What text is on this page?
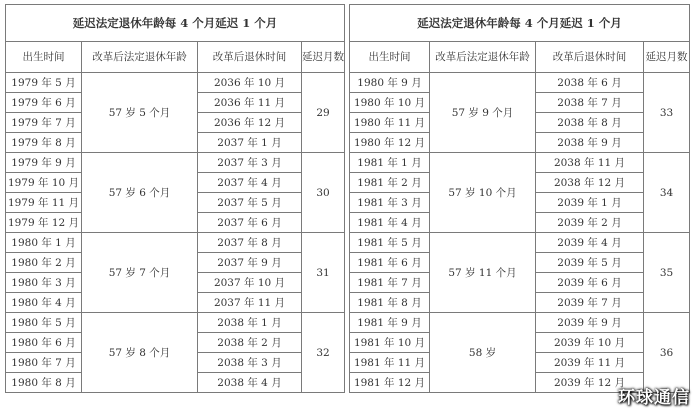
延迟法定退休年龄每 4 个月延迟 1 个月			
出生时间	改革后法定退休年龄	改革后退休时间	延迟月数
1979 年 5 月	57 岁 5 个月	2036 年 10 月	29
1979 年 6 月		2036 年 11 月	
1979 年 7 月		2036 年 12 月	
1979 年 8 月		2037 年 1 月	
1979 年 9 月	57 岁 6 个月	2037 年 3 月	30
1979 年 10 月		2037 年 4 月	
1979 年 11 月		2037 年 5 月	
1979 年 12 月		2037 年 6 月	
1980 年 1 月	57 岁 7 个月	2037 年 8 月	31
1980 年 2 月		2037 年 9 月	
1980 年 3 月		2037 年 10 月	
1980 年 4 月		2037 年 11 月	
1980 年 5 月	57 岁 8 个月	2038 年 1 月	32
1980 年 6 月		2038 年 2 月	
1980 年 7 月		2038 年 3 月	
1980 年 8 月		2038 年 4 月	
延迟法定退休年龄每 4 个月延迟 1 个月			
出生时间	改革后法定退休年龄	改革后退休时间	延迟月数
1980 年 9 月	57 岁 9 个月	2038 年 6 月	33
1980 年 10 月		2038 年 7 月	
1980 年 11 月		2038 年 8 月	
1980 年 12 月		2038 年 9 月	
1981 年 1 月	57 岁 10 个月	2038 年 11 月	34
1981 年 2 月		2038 年 12 月	
1981 年 3 月		2039 年 1 月	
1981 年 4 月		2039 年 2 月	
1981 年 5 月	57 岁 11 个月	2039 年 4 月	35
1981 年 6 月		2039 年 5 月	
1981 年 7 月		2039 年 6 月	
1981 年 8 月		2039 年 7 月	
1981 年 9 月	58 岁	2039 年 9 月	36
1981 年 10 月		2039 年 10 月	
1981 年 11 月		2039 年 11 月	
1981 年 12 月		2039 年 12 月	
环球通信
